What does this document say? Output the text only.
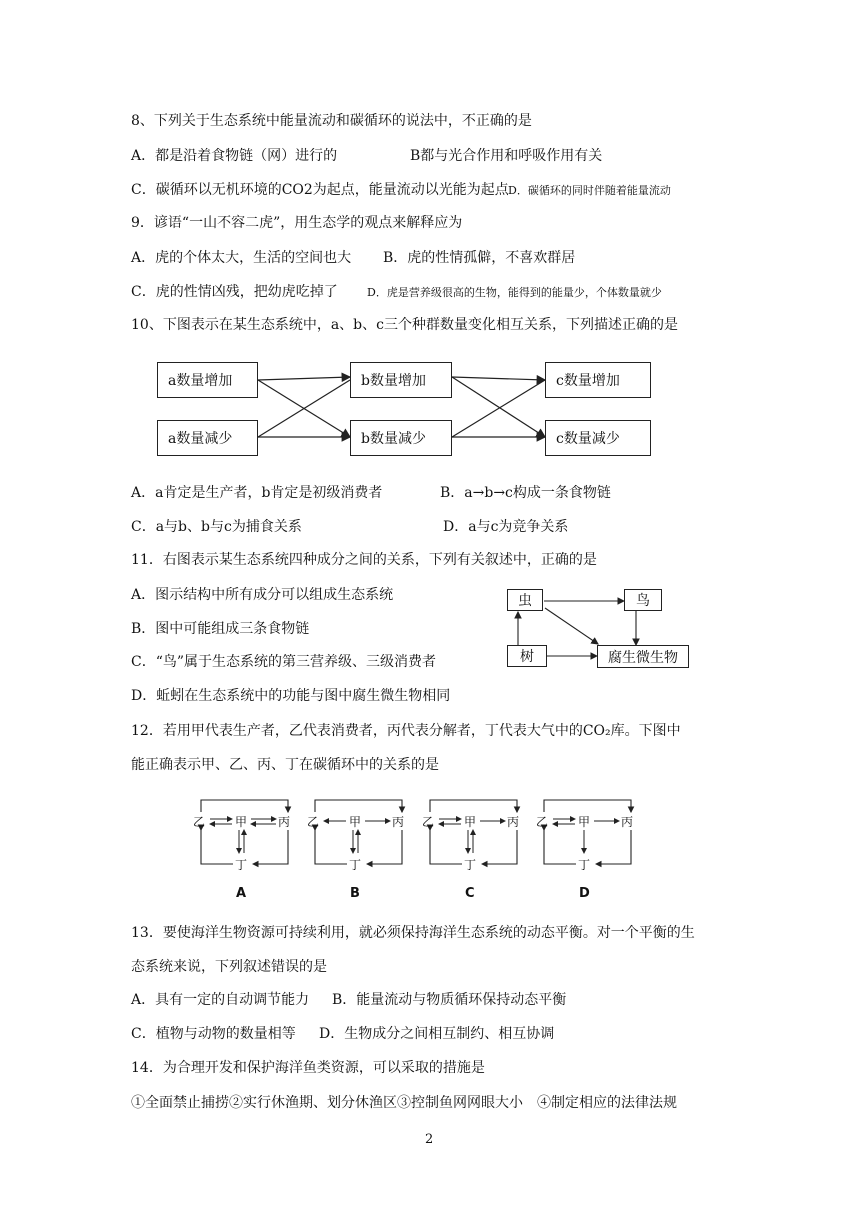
8、下列关于生态系统中能量流动和碳循环的说法中，不正确的是
A．都是沿着食物链（网）进行的	B都与光合作用和呼吸作用有关
C．碳循环以无机环境的CO2为起点，能量流动以光能为起点 D．碳循环的同时伴随着能量流动
9．谚语“一山不容二虎”，用生态学的观点来解释应为
A．虎的个体太大，生活的空间也大 B．虎的性情孤僻，不喜欢群居
C．虎的性情凶残，把幼虎吃掉了	D．虎是营养级很高的生物，能得到的能量少，个体数量就少
10、下图表示在某生态系统中，a、b、c三个种群数量变化相互关系，下列描述正确的是
a数量增加
a数量减少
b数量增加
b数量减少
c数量增加
c数量减少
A．a肯定是生产者，b肯定是初级消费者	B．a→b→c构成一条食物链
C．a与b、b与c为捕食关系	D．a与c为竞争关系
11．右图表示某生态系统四种成分之间的关系，下列有关叙述中，正确的是
A．图示结构中所有成分可以组成生态系统
B．图中可能组成三条食物链
C．“鸟”属于生态系统的第三营养级、三级消费者
D．蚯蚓在生态系统中的功能与图中腐生微生物相同
虫	鸟
树	腐生微生物
12．若用甲代表生产者，乙代表消费者，丙代表分解者，丁代表大气中的CO₂库。下图中
能正确表示甲、乙、丙、丁在碳循环中的关系的是
乙 甲	丙
丁
乙 甲	丙
丁
乙 甲	丙
丁
乙 甲	丙
丁
A	B	C	D
13．要使海洋生物资源可持续利用，就必须保持海洋生态系统的动态平衡。对一个平衡的生
态系统来说，下列叙述错误的是
A．具有一定的自动调节能力 B．能量流动与物质循环保持动态平衡
C．植物与动物的数量相等 D．生物成分之间相互制约、相互协调
14．为合理开发和保护海洋鱼类资源，可以采取的措施是
①全面禁止捕捞②实行休渔期、划分休渔区③控制鱼网网眼大小　④制定相应的法律法规
2
